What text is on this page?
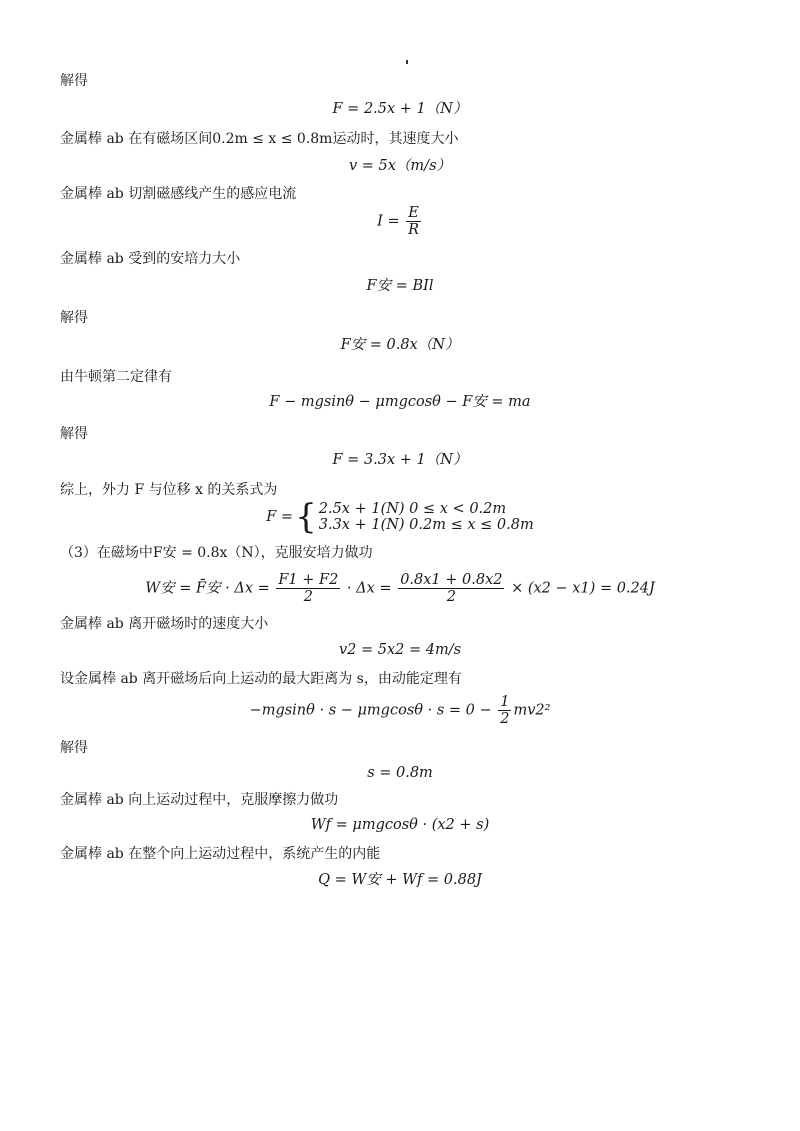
解得
F = 2.5x + 1（N）
金属棒 ab 在有磁场区间0.2m ≤ x ≤ 0.8m运动时，其速度大小
v = 5x（m/s）
金属棒 ab 切割磁感线产生的感应电流
$I = \frac{E}{R}$
金属棒 ab 受到的安培力大小
F安 = BIl
解得
F安 = 0.8x（N）
由牛顿第二定律有
F − mgsinθ − μmgcosθ − F安 = ma
解得
F = 3.3x + 1（N）
综上，外力 F 与位移 x 的关系式为
F ={ 2.5x + 1(N) 0 ≤ x < 0.2m
3.3x + 1(N) 0.2m ≤ x ≤ 0.8m
（3）在磁场中F安 = 0.8x（N），克服安培力做功
W安 = F̄安 · $\Delta x = \frac{F1 + F2}{2} \cdot \Delta x = \frac{0.8x1 + 0.8x2}{2} \times (x2 - x1) = 0.24J$
金属棒 ab 离开磁场时的速度大小
v2 = 5x2 = 4m/s
设金属棒 ab 离开磁场后向上运动的最大距离为 s，由动能定理有
$-mgsin\theta \cdot s - \mu mgcos\theta \cdot s = 0 - \frac{1}{2} mv2^2$
解得
s = 0.8m
金属棒 ab 向上运动过程中，克服摩擦力做功
Wf = μmgcosθ · (x2 + s)
金属棒 ab 在整个向上运动过程中，系统产生的内能
Q = W安 + Wf = 0.88J
